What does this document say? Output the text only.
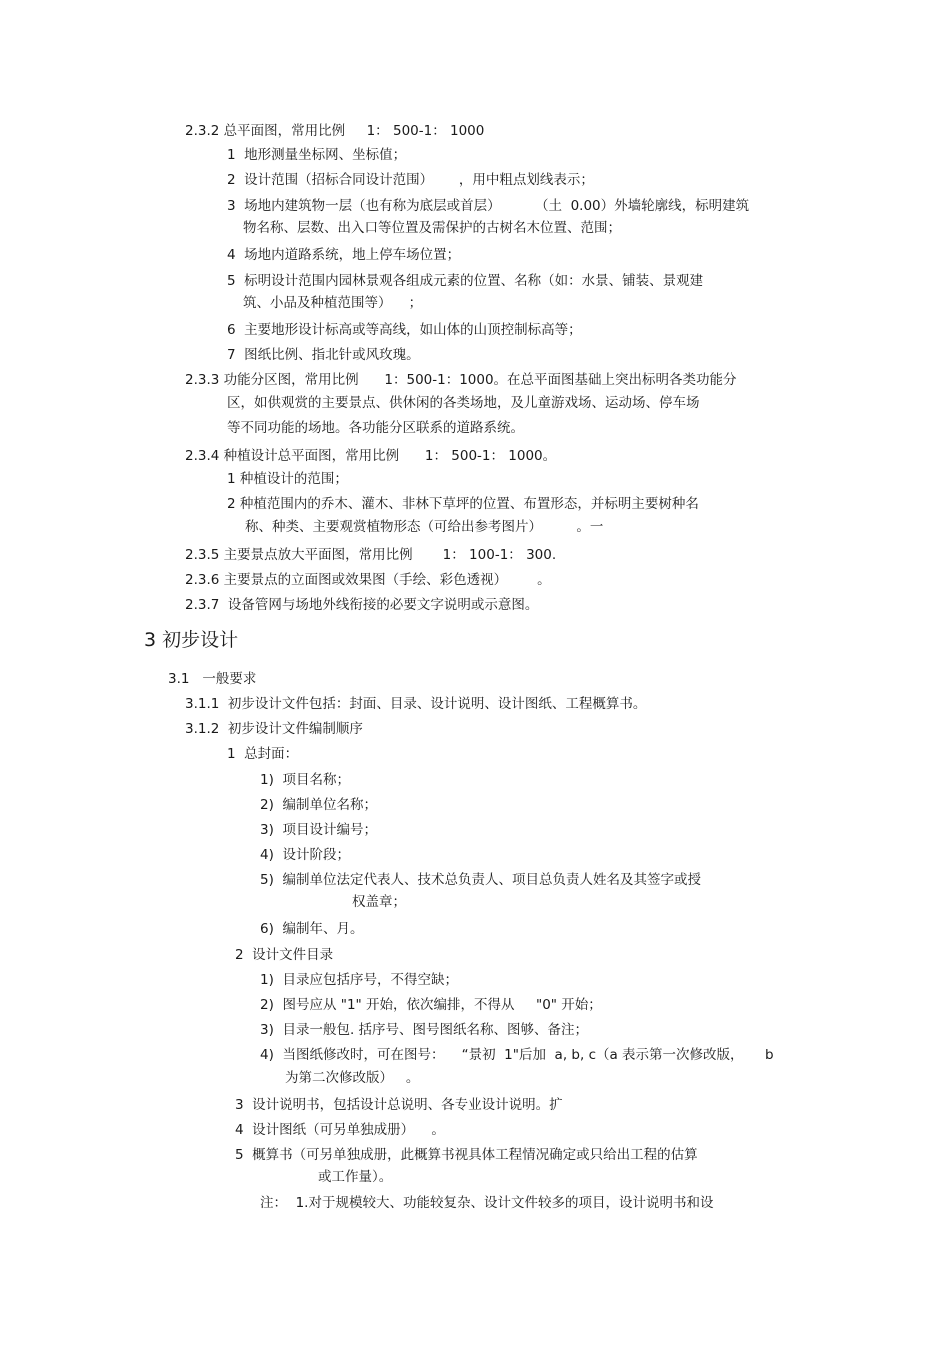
2.3.2 总平面图，常用比例     1： 500-1： 1000
1  地形测量坐标网、坐标值；
2  设计范围（招标合同设计范围）      ，用中粗点划线表示；
3  场地内建筑物一层（也有称为底层或首层）        （土  0.00）外墙轮廓线，标明建筑
物名称、层数、出入口等位置及需保护的古树名木位置、范围；
4  场地内道路系统，地上停车场位置；
5  标明设计范围内园林景观各组成元素的位置、名称（如：水景、铺装、景观建
筑、小品及种植范围等）    ；
6  主要地形设计标高或等高线，如山体的山顶控制标高等；
7  图纸比例、指北针或风玫瑰。
2.3.3 功能分区图，常用比例      1：500-1：1000。在总平面图基础上突出标明各类功能分
区，如供观赏的主要景点、供休闲的各类场地，及儿童游戏场、运动场、停车场
等不同功能的场地。各功能分区联系的道路系统。
2.3.4 种植设计总平面图，常用比例      1： 500-1： 1000。
1 种植设计的范围；
2 种植范围内的乔木、灌木、非林下草坪的位置、布置形态，并标明主要树种名
称、种类、主要观赏植物形态（可给出参考图片）        。一
2.3.5 主要景点放大平面图，常用比例       1： 100-1： 300.
2.3.6 主要景点的立面图或效果图（手绘、彩色透视）       。
2.3.7  设备管网与场地外线衔接的必要文字说明或示意图。
3 初步设计
3.1   一般要求
3.1.1  初步设计文件包括：封面、目录、设计说明、设计图纸、工程概算书。
3.1.2  初步设计文件编制顺序
1  总封面：
1)  项目名称；
2)  编制单位名称；
3)  项目设计编号；
4)  设计阶段；
5)  编制单位法定代表人、技术总负责人、项目总负责人姓名及其签字或授
权盖章；
6)  编制年、月。
2  设计文件目录
1)  目录应包括序号，不得空缺；
2)  图号应从 "1" 开始，依次编排，不得从     "0" 开始；
3)  目录一般包. 括序号、图号图纸名称、图够、备注；
4)  当图纸修改时，可在图号：    “景初  1"后加  a, b, c（a 表示第一次修改版，     b
为第二次修改版）   。
3  设计说明书，包括设计总说明、各专业设计说明。扩
4  设计图纸（可另单独成册）    。
5  概算书（可另单独成册，此概算书视具体工程情况确定或只给出工程的估算
或工作量）。
注：  1.对于规模较大、功能较复杂、设计文件较多的项目，设计说明书和设
